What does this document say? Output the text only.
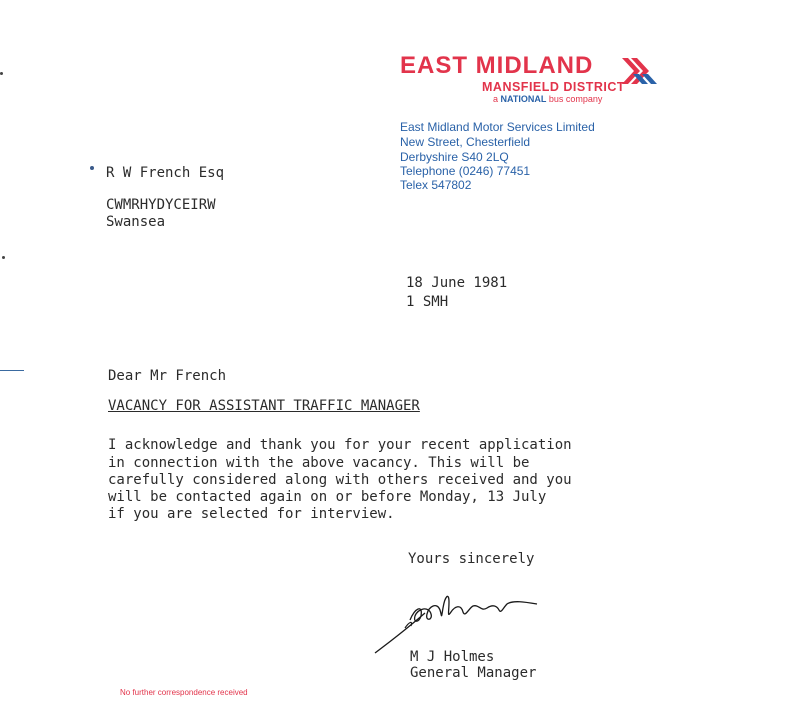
EAST MIDLAND
MANSFIELD DISTRICT
a NATIONAL bus company
East Midland Motor Services Limited
New Street, Chesterfield
Derbyshire S40 2LQ
Telephone (0246) 77451
Telex 547802
R W French Esq
CWMRHYDYCEIRW
Swansea
18 June 1981
1 SMH
Dear Mr French
VACANCY FOR ASSISTANT TRAFFIC MANAGER
I acknowledge and thank you for your recent application
in connection with the above vacancy. This will be
carefully considered along with others received and you
will be contacted again on or before Monday, 13 July
if you are selected for interview.
Yours sincerely
M J Holmes
General Manager
No further correspondence received
